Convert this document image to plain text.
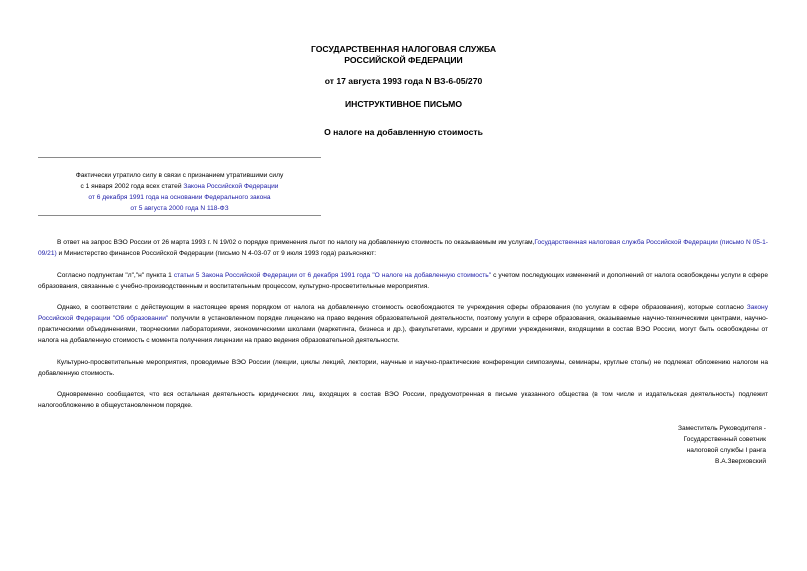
ГОСУДАРСТВЕННАЯ НАЛОГОВАЯ СЛУЖБА
РОССИЙСКОЙ ФЕДЕРАЦИИ
от 17 августа 1993 года N ВЗ-6-05/270
ИНСТРУКТИВНОЕ ПИСЬМО
О налоге на добавленную стоимость
Фактически утратило силу в связи с признанием утратившими силу
с 1 января 2002 года всех статей Закона Российской Федерации
от 6 декабря 1991 года на основании Федерального закона
от 5 августа 2000 года N 118-ФЗ

В ответ на запрос ВЭО России от 26 марта 1993 г. N 19/02 о порядке применения льгот по налогу на добавленную стоимость по оказываемым им услугам,Государственная налоговая служба Российской Федерации (письмо N 05-1-09/21) и Министерство финансов Российской Федерации (письмо N 4-03-07 от 9 июля 1993 года) разъясняют:

Согласно подпунктам "л","н" пункта 1 статьи 5 Закона Российской Федерации от 6 декабря 1991 года "О налоге на добавленную стоимость" с учетом последующих изменений и дополнений от налога освобождены услуги в сфере образования, связанные с учебно-производственным и воспитательным процессом, культурно-просветительные мероприятия.

Однако, в соответствии с действующим в настоящее время порядком от налога на добавленную стоимость освобождаются те учреждения сферы образования (по услугам в сфере образования), которые согласно Закону Российской Федерации "Об образовании" получили в установленном порядке лицензию на право ведения образовательной деятельности, поэтому услуги в сфере образования, оказываемые научно-техническими центрами, научно-практическими объединениями, творческими лабораториями, экономическими школами (маркетинга, бизнеса и др.), факультетами, курсами и другими учреждениями, входящими в состав ВЭО России, могут быть освобождены от налога на добавленную стоимость с момента получения лицензии на право ведения образовательной деятельности.

Культурно-просветительные мероприятия, проводимые ВЭО России (лекции, циклы лекций, лектории, научные и научно-практические конференции симпозиумы, семинары, круглые столы) не подлежат обложению налогом на добавленную стоимость.

Одновременно сообщается, что вся остальная деятельность юридических лиц, входящих в состав ВЭО России, предусмотренная в письме указанного общества (в том числе и издательская деятельность) подлежит налогообложению в общеустановленном порядке.

Заместитель Руководителя -
Государственный советник
налоговой службы I ранга
В.А.Зверховский
